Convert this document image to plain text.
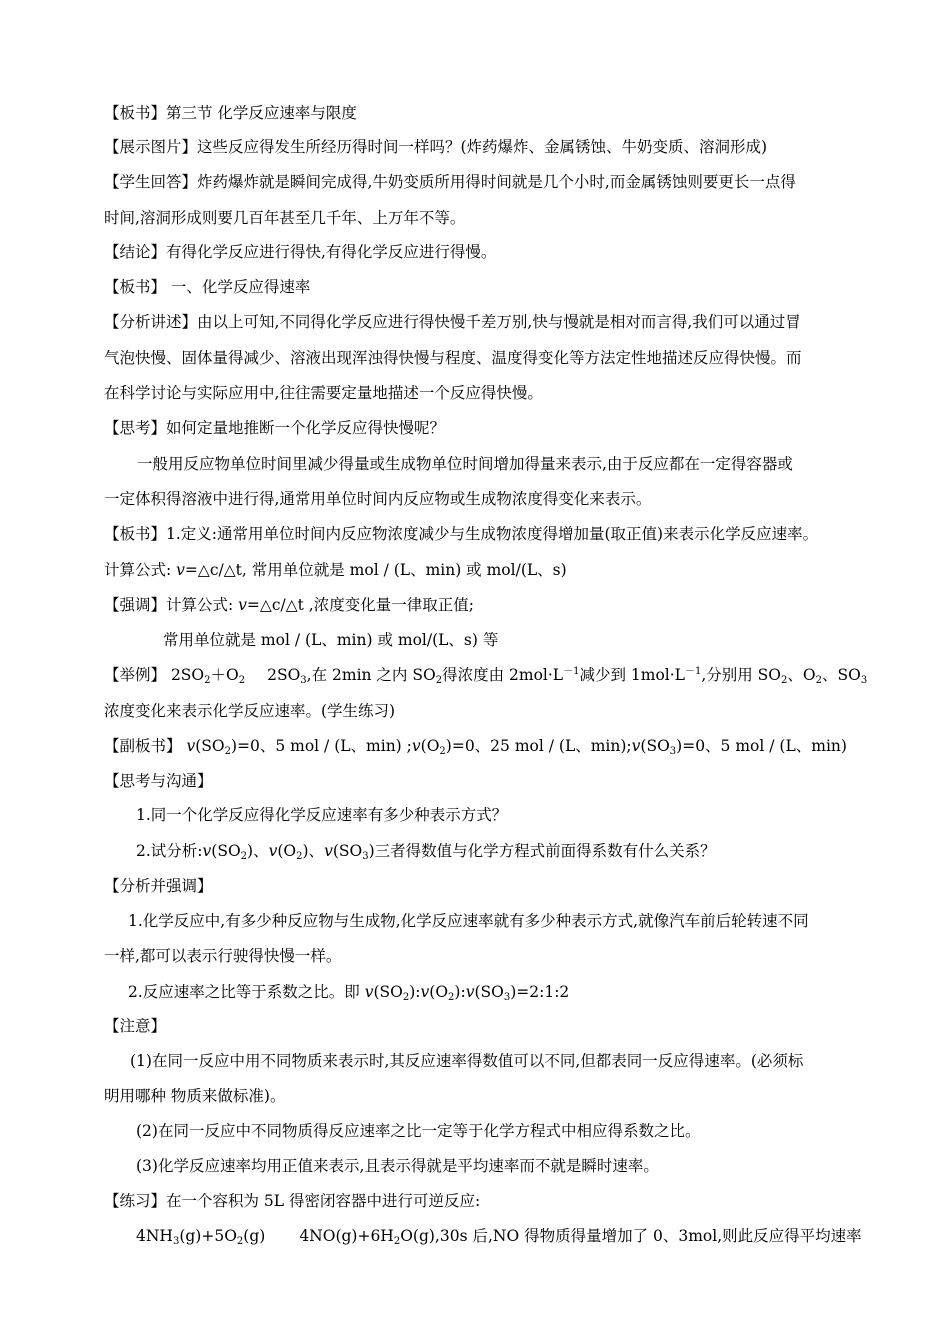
【板书】第三节 化学反应速率与限度
【展示图片】这些反应得发生所经历得时间一样吗？(炸药爆炸、金属锈蚀、牛奶变质、溶洞形成)
【学生回答】炸药爆炸就是瞬间完成得,牛奶变质所用得时间就是几个小时,而金属锈蚀则要更长一点得
时间,溶洞形成则要几百年甚至几千年、上万年不等。
【结论】有得化学反应进行得快,有得化学反应进行得慢。
【板书】 一、化学反应得速率
【分析讲述】由以上可知,不同得化学反应进行得快慢千差万别,快与慢就是相对而言得,我们可以通过冒
气泡快慢、固体量得减少、溶液出现浑浊得快慢与程度、温度得变化等方法定性地描述反应得快慢。而
在科学讨论与实际应用中,往往需要定量地描述一个反应得快慢。
【思考】如何定量地推断一个化学反应得快慢呢？
一般用反应物单位时间里减少得量或生成物单位时间增加得量来表示,由于反应都在一定得容器或
一定体积得溶液中进行得,通常用单位时间内反应物或生成物浓度得变化来表示。
【板书】1.定义:通常用单位时间内反应物浓度减少与生成物浓度得增加量(取正值)来表示化学反应速率。
计算公式: v=△c/△t, 常用单位就是 mol / (L、min) 或 mol/(L、s)
【强调】计算公式: v=△c/△t ,浓度变化量一律取正值;
常用单位就是 mol / (L、min) 或 mol/(L、s) 等
【举例】 $2SO_2+O_2$ $2SO_3$,在 2min 之内 $SO_2$得浓度由 $2mol\cdot L^{-1}$减少到 $1mol\cdot L^{-1}$,分别用 $SO_2$、$O_2$、$SO_3$
浓度变化来表示化学反应速率。(学生练习)
【副板书】 $v(SO_2)=0$、5 mol / (L、min) $;v(O_2)=0$、25 mol / (L、$\min);v(SO_3)=0$、5 mol / (L、min)
【思考与沟通】
1.同一个化学反应得化学反应速率有多少种表示方式？
2.试分析$:v(SO_2)$、$v(O_2)$、$v(SO_3)$三者得数值与化学方程式前面得系数有什么关系？
【分析并强调】
1.化学反应中,有多少种反应物与生成物,化学反应速率就有多少种表示方式,就像汽车前后轮转速不同
一样,都可以表示行驶得快慢一样。
2.反应速率之比等于系数之比。即 $v(SO_2):v(O_2):v(SO_3)=2:1:2$
【注意】
(1)在同一反应中用不同物质来表示时,其反应速率得数值可以不同,但都表同一反应得速率。(必须标
明用哪种 物质来做标准)。
(2)在同一反应中不同物质得反应速率之比一定等于化学方程式中相应得系数之比。
(3)化学反应速率均用正值来表示,且表示得就是平均速率而不就是瞬时速率。
【练习】在一个容积为 5L 得密闭容器中进行可逆反应:
$4NH_3(g)+5O_2(g)$ $4NO(g)+6H_2O(g),30s$ 后,NO 得物质得量增加了 0、3mol,则此反应得平均速率
